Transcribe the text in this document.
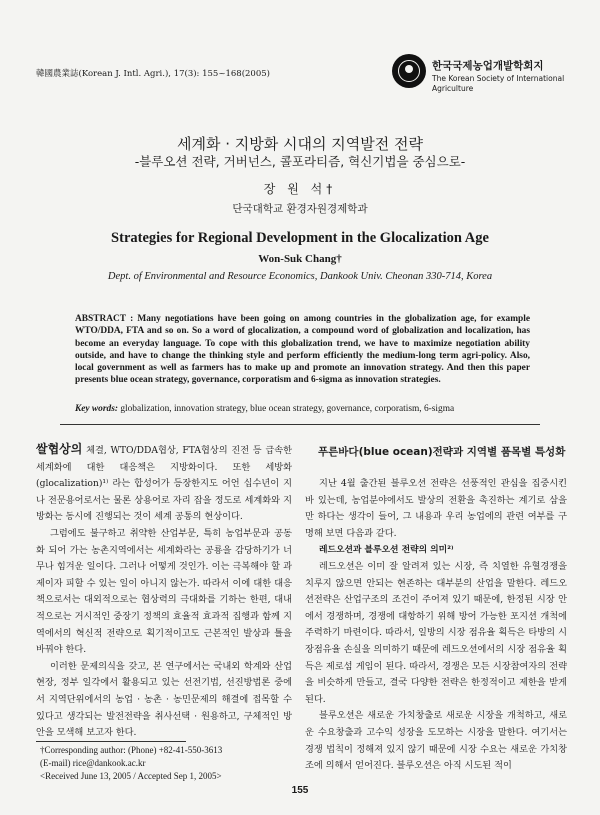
韓國農業誌(Korean J. Intl. Agri.), 17(3): 155~168(2005)
한국국제농업개발학회지
The Korean Society of International
Agriculture
세계화 · 지방화 시대의 지역발전 전략
-블루오션 전략, 거버넌스, 콜포라티즘, 혁신기법을 중심으로-
장 원 석†
단국대학교 환경자원경제학과
Strategies for Regional Development in the Glocalization Age
Won-Suk Chang†
Dept. of Environmental and Resource Economics, Dankook Univ. Cheonan 330-714, Korea
ABSTRACT : Many negotiations have been going on among countries in the globalization age, for example WTO/DDA, FTA and so on. So a word of glocalization, a compound word of globalization and localization, has become an everyday language. To cope with this globalization trend, we have to maximize negotiation ability outside, and have to change the thinking style and perform efficiently the medium-long term agri-policy. Also, local government as well as farmers has to make up and promote an innovation strategy. And then this paper presents blue ocean strategy, governance, corporatism and 6-sigma as innovation strategies.
Key words: globalization, innovation strategy, blue ocean strategy, governance, corporatism, 6-sigma

쌀협상의 체결, WTO/DDA협상, FTA협상의 진전 등 급속한 세계화에 대한 대응책은 지방화이다. 또한 세방화(glocalization)¹⁾ 라는 합성어가 등장한지도 어언 십수년이 지나 전문용어로서는 물론 상용어로 자리 잡을 정도로 세계화와 지방화는 동시에 진행되는 것이 세계 공통의 현상이다.

그럼에도 불구하고 취약한 산업부문, 특히 농업부문과 공동화 되어 가는 농촌지역에서는 세계화라는 공룡을 감당하기가 너무나 힘겨운 일이다. 그러나 어떻게 것인가. 이는 극복해야 할 과제이자 피할 수 있는 일이 아니지 않는가. 따라서 이에 대한 대응책으로서는 대외적으로는 협상력의 극대화를 기하는 한편, 대내적으로는 거시적인 중장기 정책의 효율적 효과적 집행과 함께 지역에서의 혁신적 전략으로 획기적이고도 근본적인 발상과 틀을 바꿔야 한다.

이러한 문제의식을 갖고, 본 연구에서는 국내외 학계와 산업현장, 정부 일각에서 활용되고 있는 선전기법, 선진방법론 중에서 지역단위에서의 농업 · 농촌 · 농민문제의 해결에 접목할 수 있다고 생각되는 발전전략을 취사선택 · 원용하고, 구체적인 방안을 모색해 보고자 한다.

푸른바다(blue ocean)전략과 지역별 품목별 특성화

지난 4월 출간된 블루오션 전략은 선풍적인 관심을 집중시킨 바 있는데, 농업분야에서도 발상의 전환을 촉진하는 계기로 삼을 만 하다는 생각이 들어, 그 내용과 우리 농업에의 관련 여부를 구명해 보면 다음과 같다.

레드오션과 블루오션 전략의 의미²⁾

레드오션은 이미 잘 알려져 있는 시장, 즉 치열한 유혈경쟁을 치루지 않으면 안되는 현존하는 대부분의 산업을 말한다. 레드오션전략은 산업구조의 조건이 주어져 있기 때문에, 한정된 시장 안에서 경쟁하며, 경쟁에 대항하기 위해 방어 가능한 포지션 개척에 주력하기 마련이다. 따라서, 일방의 시장 점유율 획득은 타방의 시장점유율 손실을 의미하기 때문에 레드오션에서의 시장 점유율 획득은 제로섬 게임이 된다. 따라서, 경쟁은 모든 시장참여자의 전략을 비슷하게 만들고, 결국 다양한 전략은 한정적이고 제한을 받게 된다.

블루오션은 새로운 가치창출로 새로운 시장을 개척하고, 새로운 수요창출과 고수익 성장을 도모하는 시장을 말한다. 여기서는 경쟁 법칙이 정해져 있지 않기 때문에 시장 수요는 새로운 가치창조에 의해서 얻어진다. 블루오션은 아직 시도된 적이

†Corresponding author: (Phone) +82-41-550-3613
(E-mail) rice@dankook.ac.kr
<Received June 13, 2005 / Accepted Sep 1, 2005>
155
